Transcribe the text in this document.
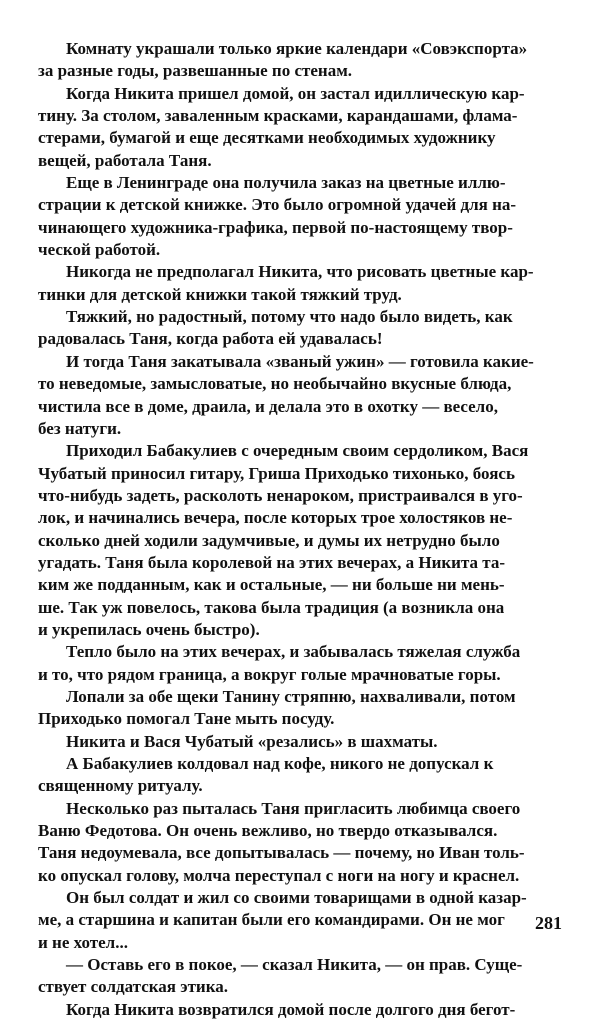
Комнату украшали только яркие календари «Совэкспорта»
за разные годы, развешанные по стенам.
Когда Никита пришел домой, он застал идиллическую кар-
тину. За столом, заваленным красками, карандашами, флама-
стерами, бумагой и еще десятками необходимых художнику
вещей, работала Таня.
Еще в Ленинграде она получила заказ на цветные иллю-
страции к детской книжке. Это было огромной удачей для на-
чинающего художника-графика, первой по-настоящему твор-
ческой работой.
Никогда не предполагал Никита, что рисовать цветные кар-
тинки для детской книжки такой тяжкий труд.
Тяжкий, но радостный, потому что надо было видеть, как
радовалась Таня, когда работа ей удавалась!
И тогда Таня закатывала «званый ужин» — готовила какие-
то неведомые, замысловатые, но необычайно вкусные блюда,
чистила все в доме, драила, и делала это в охотку — весело,
без натуги.
Приходил Бабакулиев с очередным своим сердоликом, Вася
Чубатый приносил гитару, Гриша Приходько тихонько, боясь
что-нибудь задеть, расколоть ненароком, пристраивался в уго-
лок, и начинались вечера, после которых трое холостяков не-
сколько дней ходили задумчивые, и думы их нетрудно было
угадать. Таня была королевой на этих вечерах, а Никита та-
ким же подданным, как и остальные, — ни больше ни мень-
ше. Так уж повелось, такова была традиция (а возникла она
и укрепилась очень быстро).
Тепло было на этих вечерах, и забывалась тяжелая служба
и то, что рядом граница, а вокруг голые мрачноватые горы.
Лопали за обе щеки Танину стряпню, нахваливали, потом
Приходько помогал Тане мыть посуду.
Никита и Вася Чубатый «резались» в шахматы.
А Бабакулиев колдовал над кофе, никого не допускал к
священному ритуалу.
Несколько раз пыталась Таня пригласить любимца своего
Ваню Федотова. Он очень вежливо, но твердо отказывался.
Таня недоумевала, все допытывалась — почему, но Иван толь-
ко опускал голову, молча переступал с ноги на ногу и краснел.
Он был солдат и жил со своими товарищами в одной казар-
ме, а старшина и капитан были его командирами. Он не мог
и не хотел...
— Оставь его в покое, — сказал Никита, — он прав. Суще-
ствует солдатская этика.
Когда Никита возвратился домой после долгого дня бегот-
281
